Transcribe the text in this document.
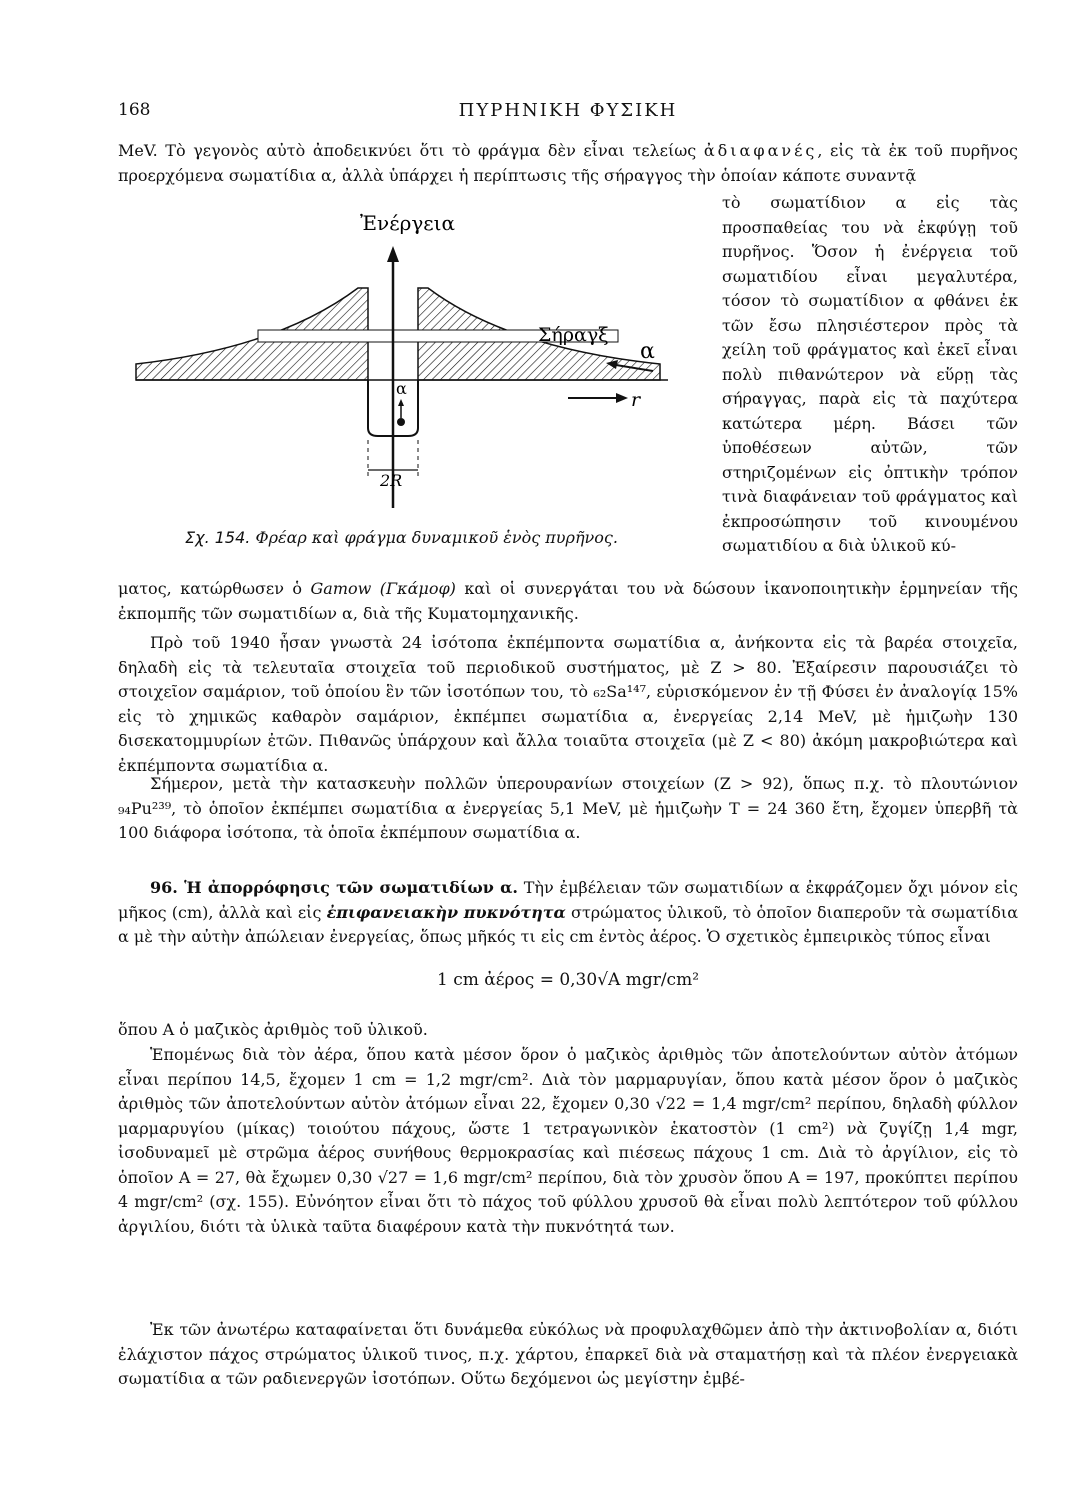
168	ΠΥΡΗΝΙΚΗ ΦΥΣΙΚΗ

MeV. Τὸ γεγονὸς αὐτὸ ἀποδεικνύει ὅτι τὸ φράγμα δὲν εἶναι τελείως ἀδιαφανές, εἰς τὰ ἐκ τοῦ πυρῆνος προερχόμενα σωματίδια α, ἀλλὰ ὑπάρχει ἡ περίπτωσις τῆς σήραγγος τὴν ὁποίαν κάποτε συναντᾷ

τὸ σωματίδιον α εἰς τὰς προσπαθείας του νὰ ἐκφύγῃ τοῦ πυρῆνος. Ὅσον ἡ ἐνέργεια τοῦ σωματιδίου εἶναι μεγαλυτέρα, τόσον τὸ σωματίδιον α φθάνει ἐκ τῶν ἔσω πλησιέστερον πρὸς τὰ χείλη τοῦ φράγματος καὶ ἐκεῖ εἶναι πολὺ πιθανώτερον νὰ εὕρῃ τὰς σήραγγας, παρὰ εἰς τὰ παχύτερα κατώτερα μέρη. Βάσει τῶν ὑποθέσεων αὐτῶν, τῶν στηριζομένων εἰς ὀπτικὴν τρόπον τινὰ διαφάνειαν τοῦ φράγματος καὶ ἐκπροσώπησιν τοῦ κινουμένου σωματιδίου α διὰ ὑλικοῦ κύ-

Ἐνέργεια
Σήραγξ
α
α
r
2R
Σχ. 154. Φρέαρ καὶ φράγμα δυναμικοῦ ἑνὸς πυρῆνος.

ματος, κατώρθωσεν ὁ Gamow (Γκάμοφ) καὶ οἱ συνεργάται του νὰ δώσουν ἱκανοποιητικὴν ἑρμηνείαν τῆς ἐκπομπῆς τῶν σωματιδίων α, διὰ τῆς Κυματομηχανικῆς.

Πρὸ τοῦ 1940 ἦσαν γνωστὰ 24 ἰσότοπα ἐκπέμποντα σωματίδια α, ἀνήκοντα εἰς τὰ βαρέα στοιχεῖα, δηλαδὴ εἰς τὰ τελευταῖα στοιχεῖα τοῦ περιοδικοῦ συστήματος, μὲ Z > 80. Ἐξαίρεσιν παρουσιάζει τὸ στοιχεῖον σαμάριον, τοῦ ὁποίου ἓν τῶν ἰσοτόπων του, τὸ ₆₂Sa¹⁴⁷, εὑρισκόμενον ἐν τῇ Φύσει ἐν ἀναλογίᾳ 15% εἰς τὸ χημικῶς καθαρὸν σαμάριον, ἐκπέμπει σωματίδια α, ἐνεργείας 2,14 MeV, μὲ ἡμιζωὴν 130 δισεκατομμυρίων ἐτῶν. Πιθανῶς ὑπάρχουν καὶ ἄλλα τοιαῦτα στοιχεῖα (μὲ Z < 80) ἀκόμη μακροβιώτερα καὶ ἐκπέμποντα σωματίδια α.

Σήμερον, μετὰ τὴν κατασκευὴν πολλῶν ὑπερουρανίων στοιχείων (Z > 92), ὅπως π.χ. τὸ πλουτώνιον ₉₄Pu²³⁹, τὸ ὁποῖον ἐκπέμπει σωματίδια α ἐνεργείας 5,1 MeV, μὲ ἡμιζωὴν T = 24 360 ἔτη, ἔχομεν ὑπερβῆ τὰ 100 διάφορα ἰσότοπα, τὰ ὁποῖα ἐκπέμπουν σωματίδια α.

96. Ἡ ἀπορρόφησις τῶν σωματιδίων α. Τὴν ἐμβέλειαν τῶν σωματιδίων α ἐκφράζομεν ὄχι μόνον εἰς μῆκος (cm), ἀλλὰ καὶ εἰς ἐπιφανειακὴν πυκνότητα στρώματος ὑλικοῦ, τὸ ὁποῖον διαπεροῦν τὰ σωματίδια α μὲ τὴν αὐτὴν ἀπώλειαν ἐνεργείας, ὅπως μῆκός τι εἰς cm ἐντὸς ἀέρος. Ὁ σχετικὸς ἐμπειρικὸς τύπος εἶναι

1 cm ἀέρος = 0,30√A mgr/cm²

ὅπου A ὁ μαζικὸς ἀριθμὸς τοῦ ὑλικοῦ.

Ἑπομένως διὰ τὸν ἀέρα, ὅπου κατὰ μέσον ὅρον ὁ μαζικὸς ἀριθμὸς τῶν ἀποτελούντων αὐτὸν ἀτόμων εἶναι περίπου 14,5, ἔχομεν 1 cm = 1,2 mgr/cm². Διὰ τὸν μαρμαρυγίαν, ὅπου κατὰ μέσον ὅρον ὁ μαζικὸς ἀριθμὸς τῶν ἀποτελούντων αὐτὸν ἀτόμων εἶναι 22, ἔχομεν 0,30 √22 = 1,4 mgr/cm² περίπου, δηλαδὴ φύλλον μαρμαρυγίου (μίκας) τοιούτου πάχους, ὥστε 1 τετραγωνικὸν ἑκατοστὸν (1 cm²) νὰ ζυγίζῃ 1,4 mgr, ἰσοδυναμεῖ μὲ στρῶμα ἀέρος συνήθους θερμοκρασίας καὶ πιέσεως πάχους 1 cm. Διὰ τὸ ἀργίλιον, εἰς τὸ ὁποῖον A = 27, θὰ ἔχωμεν 0,30 √27 = 1,6 mgr/cm² περίπου, διὰ τὸν χρυσὸν ὅπου A = 197, προκύπτει περίπου 4 mgr/cm² (σχ. 155). Εὐνόητον εἶναι ὅτι τὸ πάχος τοῦ φύλλου χρυσοῦ θὰ εἶναι πολὺ λεπτότερον τοῦ φύλλου ἀργιλίου, διότι τὰ ὑλικὰ ταῦτα διαφέρουν κατὰ τὴν πυκνότητά των.

Ἐκ τῶν ἀνωτέρω καταφαίνεται ὅτι δυνάμεθα εὐκόλως νὰ προφυλαχθῶμεν ἀπὸ τὴν ἀκτινοβολίαν α, διότι ἐλάχιστον πάχος στρώματος ὑλικοῦ τινος, π.χ. χάρτου, ἐπαρκεῖ διὰ νὰ σταματήσῃ καὶ τὰ πλέον ἐνεργειακὰ σωματίδια α τῶν ραδιενεργῶν ἰσοτόπων. Οὕτω δεχόμενοι ὡς μεγίστην ἐμβέ-
